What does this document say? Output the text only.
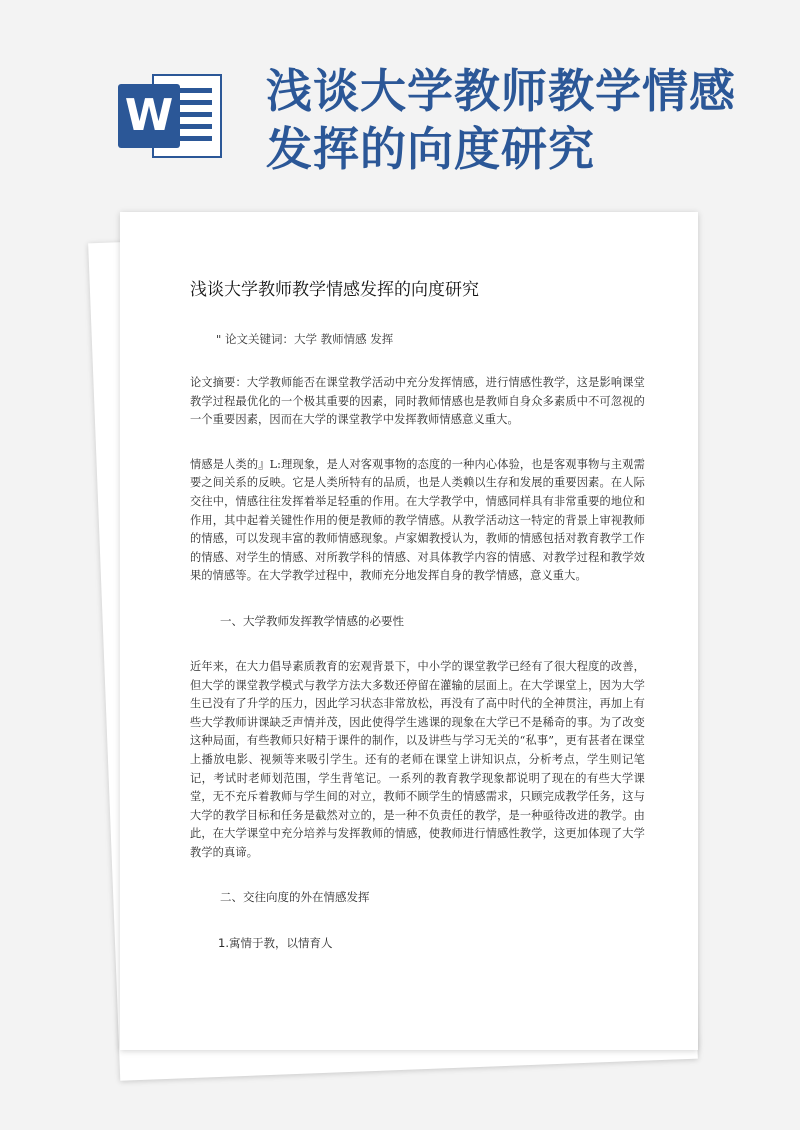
W 浅谈大学教师教学情感发挥的向度研究
浅谈大学教师教学情感发挥的向度研究

" 论文关键词：大学 教师情感 发挥

论文摘要：大学教师能否在课堂教学活动中充分发挥情感，进行情感性教学，这是影响课堂教学过程最优化的一个极其重要的因素，同时教师情感也是教师自身众多素质中不可忽视的一个重要因素，因而在大学的课堂教学中发挥教师情感意义重大。

情感是人类的』L:理现象，是人对客观事物的态度的一种内心体验，也是客观事物与主观需要之间关系的反映。它是人类所特有的品质，也是人类赖以生存和发展的重要因素。在人际交往中，情感往往发挥着举足轻重的作用。在大学教学中，情感同样具有非常重要的地位和作用，其中起着关键性作用的便是教师的教学情感。从教学活动这一特定的背景上审视教师的情感，可以发现丰富的教师情感现象。卢家媚教授认为，教师的情感包括对教育教学工作的情感、对学生的情感、对所教学科的情感、对具体教学内容的情感、对教学过程和教学效果的情感等。在大学教学过程中，教师充分地发挥自身的教学情感，意义重大。

一、大学教师发挥教学情感的必要性

近年来，在大力倡导素质教育的宏观背景下，中小学的课堂教学已经有了很大程度的改善，但大学的课堂教学模式与教学方法大多数还停留在灌输的层面上。在大学课堂上，因为大学生已没有了升学的压力，因此学习状态非常放松，再没有了高中时代的全神贯注，再加上有些大学教师讲课缺乏声情并茂，因此使得学生逃课的现象在大学已不是稀奇的事。为了改变这种局面，有些教师只好精于课件的制作，以及讲些与学习无关的“私事”，更有甚者在课堂上播放电影、视频等来吸引学生。还有的老师在课堂上讲知识点，分析考点，学生则记笔记，考试时老师划范围，学生背笔记。一系列的教育教学现象都说明了现在的有些大学课堂，无不充斥着教师与学生间的对立，教师不顾学生的情感需求，只顾完成教学任务，这与大学的教学目标和任务是截然对立的，是一种不负责任的教学，是一种亟待改进的教学。由此，在大学课堂中充分培养与发挥教师的情感，使教师进行情感性教学，这更加体现了大学教学的真谛。

二、交往向度的外在情感发挥

1.寓情于教，以情育人
